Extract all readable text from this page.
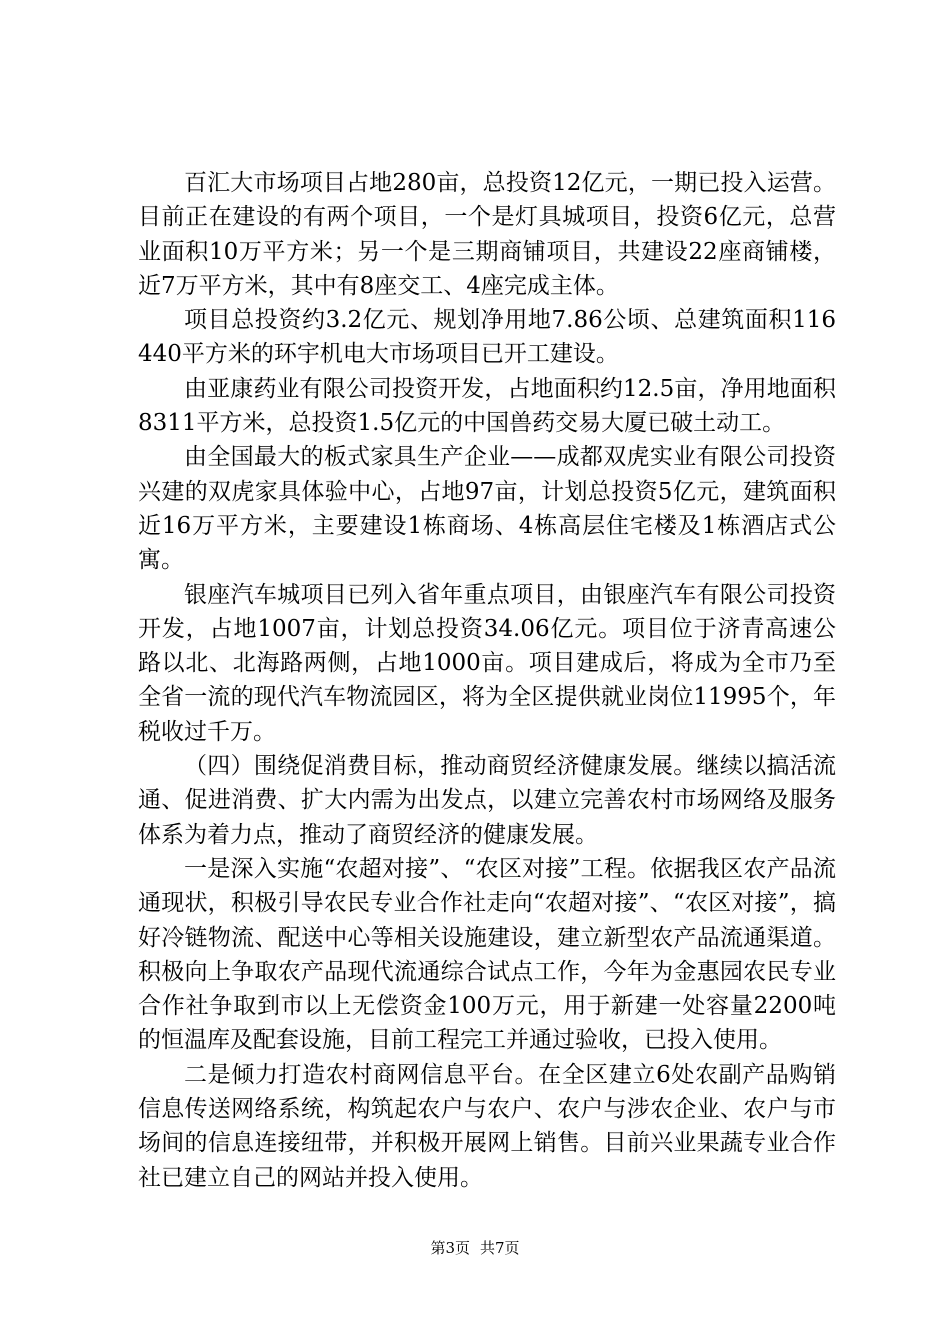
百汇大市场项目占地280亩，总投资12亿元，一期已投入运营。目前正在建设的有两个项目，一个是灯具城项目，投资6亿元，总营业面积10万平方米；另一个是三期商铺项目，共建设22座商铺楼，近7万平方米，其中有8座交工、4座完成主体。

项目总投资约3.2亿元、规划净用地7.86公顷、总建筑面积116440平方米的环宇机电大市场项目已开工建设。

由亚康药业有限公司投资开发，占地面积约12.5亩，净用地面积8311平方米，总投资1.5亿元的中国兽药交易大厦已破土动工。

由全国最大的板式家具生产企业——成都双虎实业有限公司投资兴建的双虎家具体验中心，占地97亩，计划总投资5亿元，建筑面积近16万平方米，主要建设1栋商场、4栋高层住宅楼及1栋酒店式公寓。

银座汽车城项目已列入省年重点项目，由银座汽车有限公司投资开发，占地1007亩，计划总投资34.06亿元。项目位于济青高速公路以北、北海路两侧，占地1000亩。项目建成后，将成为全市乃至全省一流的现代汽车物流园区，将为全区提供就业岗位11995个，年税收过千万。

（四）围绕促消费目标，推动商贸经济健康发展。继续以搞活流通、促进消费、扩大内需为出发点，以建立完善农村市场网络及服务体系为着力点，推动了商贸经济的健康发展。

一是深入实施“农超对接”、“农区对接”工程。依据我区农产品流通现状，积极引导农民专业合作社走向“农超对接”、“农区对接”，搞好冷链物流、配送中心等相关设施建设，建立新型农产品流通渠道。积极向上争取农产品现代流通综合试点工作，今年为金惠园农民专业合作社争取到市以上无偿资金100万元，用于新建一处容量2200吨的恒温库及配套设施，目前工程完工并通过验收，已投入使用。

二是倾力打造农村商网信息平台。在全区建立6处农副产品购销信息传送网络系统，构筑起农户与农户、农户与涉农企业、农户与市场间的信息连接纽带，并积极开展网上销售。目前兴业果蔬专业合作社已建立自己的网站并投入使用。

第3页 共7页
